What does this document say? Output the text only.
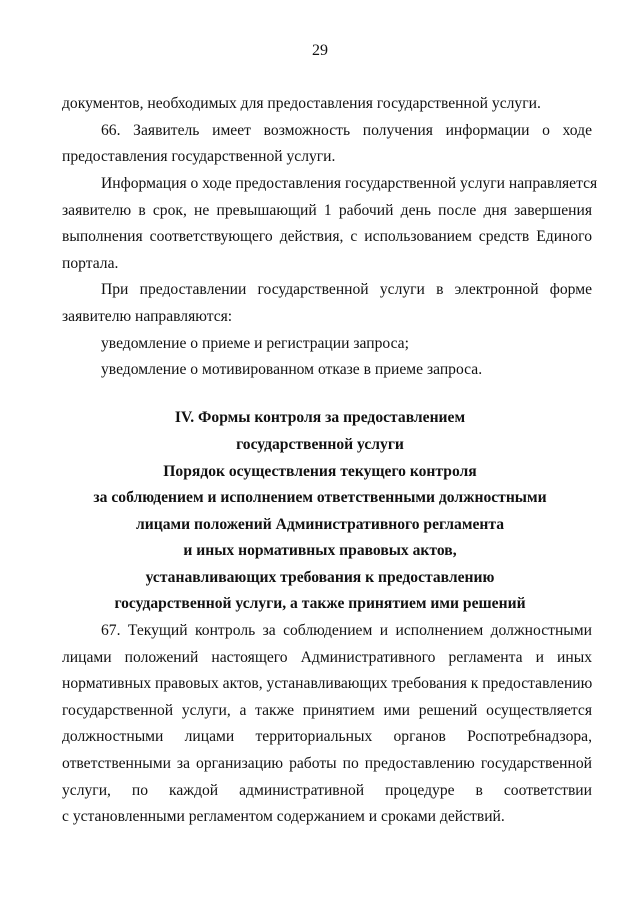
29
документов, необходимых для предоставления государственной услуги.
66. Заявитель имеет возможность получения информации о ходе
предоставления государственной услуги.
Информация о ходе предоставления государственной услуги направляется
заявителю в срок, не превышающий 1 рабочий день после дня завершения
выполнения соответствующего действия, с использованием средств Единого
портала.
При предоставлении государственной услуги в электронной форме
заявителю направляются:
уведомление о приеме и регистрации запроса;
уведомление о мотивированном отказе в приеме запроса.
IV. Формы контроля за предоставлением
государственной услуги
Порядок осуществления текущего контроля
за соблюдением и исполнением ответственными должностными
лицами положений Административного регламента
и иных нормативных правовых актов,
устанавливающих требования к предоставлению
государственной услуги, а также принятием ими решений
67. Текущий контроль за соблюдением и исполнением должностными
лицами положений настоящего Административного регламента и иных
нормативных правовых актов, устанавливающих требования к предоставлению
государственной услуги, а также принятием ими решений осуществляется
должностными лицами территориальных органов Роспотребнадзора,
ответственными за организацию работы по предоставлению государственной
услуги, по каждой административной процедуре в соответствии
с установленными регламентом содержанием и сроками действий.
